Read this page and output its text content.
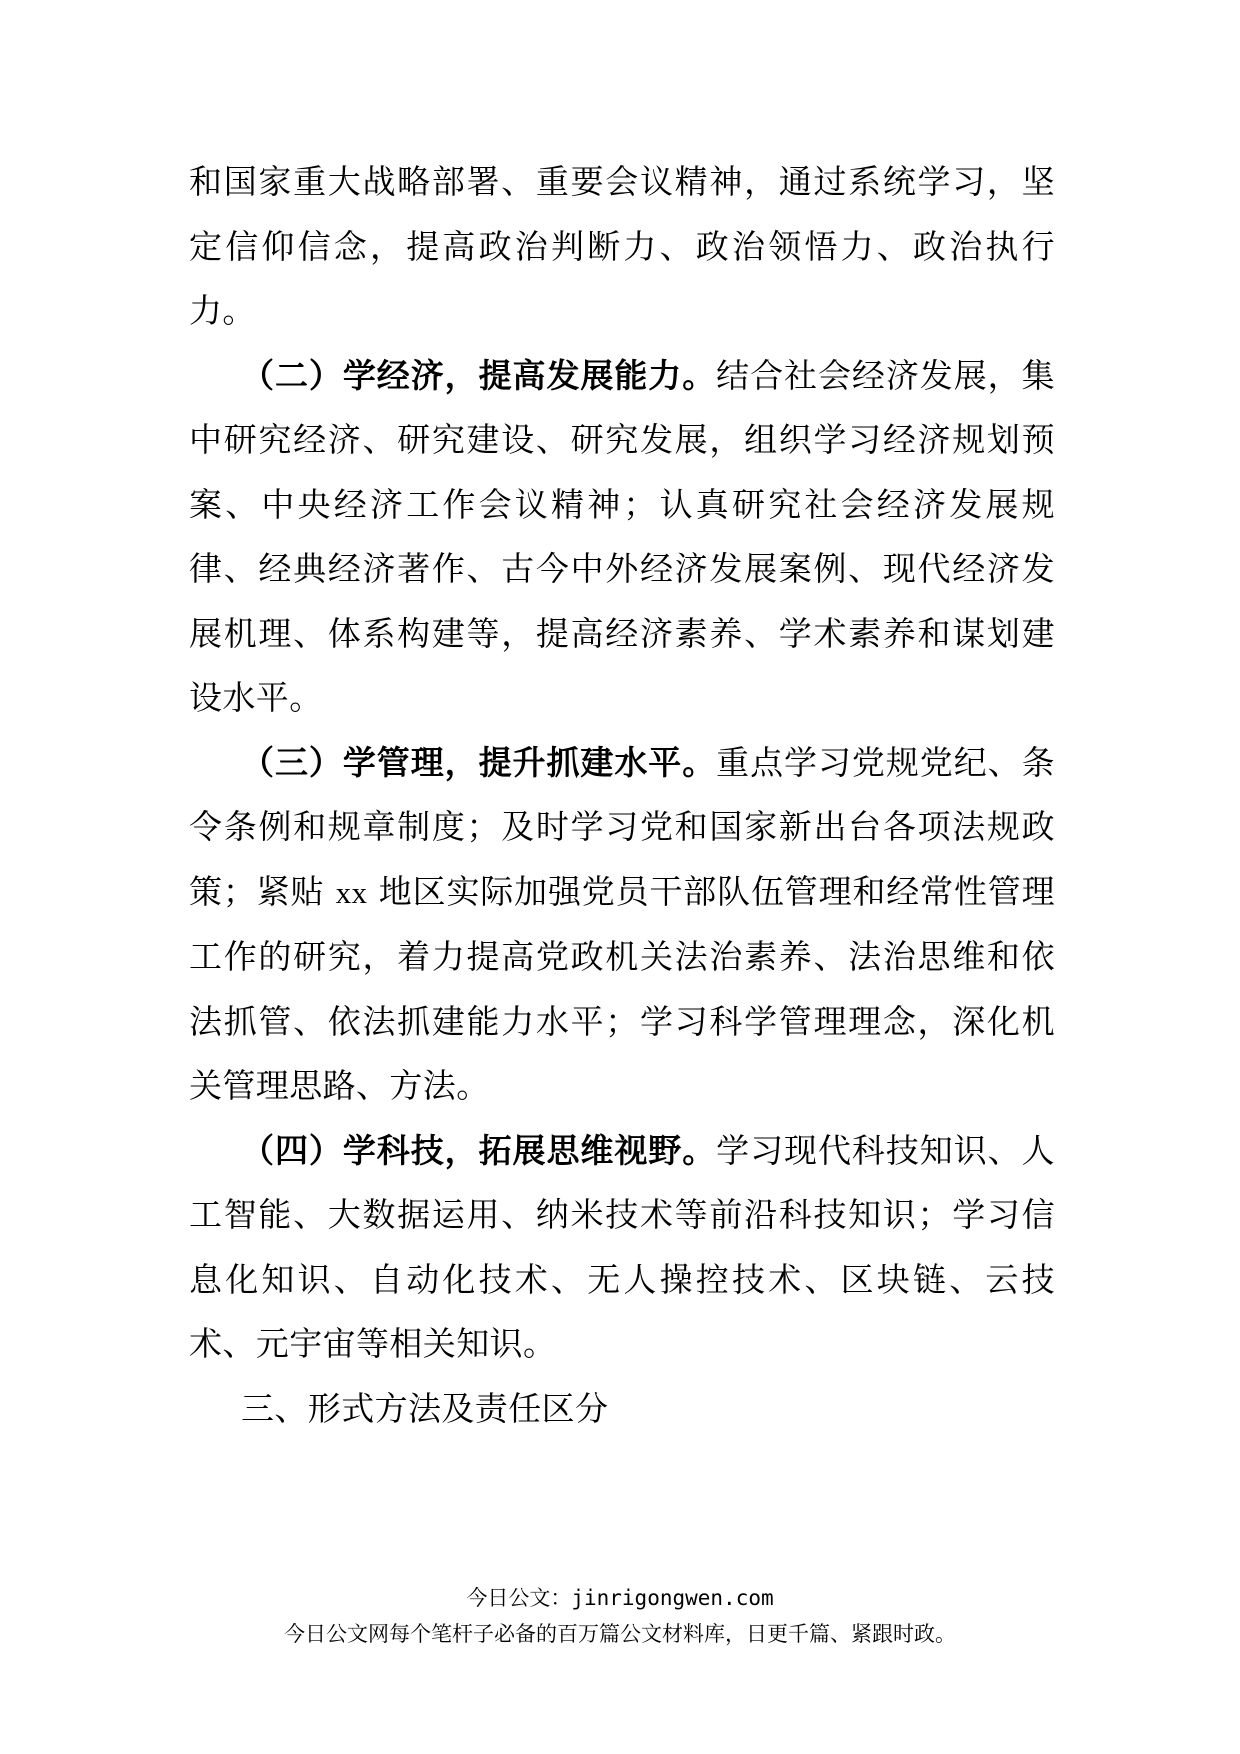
和国家重大战略部署、重要会议精神，通过系统学习，坚定信仰信念，提高政治判断力、政治领悟力、政治执行力。

（二）学经济，提高发展能力。结合社会经济发展，集中研究经济、研究建设、研究发展，组织学习经济规划预案、中央经济工作会议精神；认真研究社会经济发展规律、经典经济著作、古今中外经济发展案例、现代经济发展机理、体系构建等，提高经济素养、学术素养和谋划建设水平。

（三）学管理，提升抓建水平。重点学习党规党纪、条令条例和规章制度；及时学习党和国家新出台各项法规政策；紧贴 xx 地区实际加强党员干部队伍管理和经常性管理工作的研究，着力提高党政机关法治素养、法治思维和依法抓管、依法抓建能力水平；学习科学管理理念，深化机关管理思路、方法。

（四）学科技，拓展思维视野。学习现代科技知识、人工智能、大数据运用、纳米技术等前沿科技知识；学习信息化知识、自动化技术、无人操控技术、区块链、云技术、元宇宙等相关知识。

三、形式方法及责任区分

今日公文：jinrigongwen.com
今日公文网每个笔杆子必备的百万篇公文材料库，日更千篇、紧跟时政。
